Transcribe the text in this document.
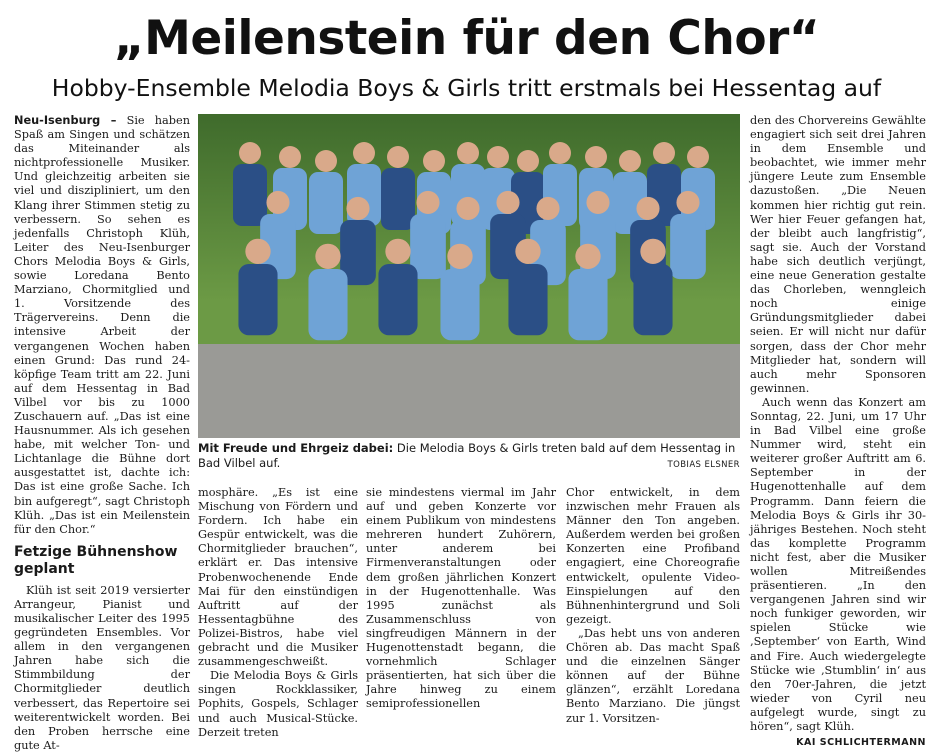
„Meilenstein für den Chor“
Hobby-Ensemble Melodia Boys & Girls tritt erstmals bei Hessentag auf

Neu-Isenburg – Sie haben Spaß am Singen und schätzen das Miteinander als nichtprofessionelle Musiker. Und gleichzeitig arbeiten sie viel und diszipliniert, um den Klang ihrer Stimmen stetig zu verbessern. So sehen es jedenfalls Christoph Klüh, Leiter des Neu-Isenburger Chors Melodia Boys & Girls, sowie Loredana Bento Marziano, Chormitglied und 1. Vorsitzende des Trägervereins. Denn die intensive Arbeit der vergangenen Wochen haben einen Grund: Das rund 24-köpfige Team tritt am 22. Juni auf dem Hessentag in Bad Vilbel vor bis zu 1000 Zuschauern auf. „Das ist eine Hausnummer. Als ich gesehen habe, mit welcher Ton- und Lichtanlage die Bühne dort ausgestattet ist, dachte ich: Das ist eine große Sache. Ich bin aufgeregt“, sagt Christoph Klüh. „Das ist ein Meilenstein für den Chor.“

Fetzige Bühnenshow geplant

Klüh ist seit 2019 versierter Arrangeur, Pianist und musikalischer Leiter des 1995 gegründeten Ensembles. Vor allem in den vergangenen Jahren habe sich die Stimmbildung der Chormitglieder deutlich verbessert, das Repertoire sei weiterentwickelt worden. Bei den Proben herrsche eine gute At-

Mit Freude und Ehrgeiz dabei: Die Melodia Boys & Girls treten bald auf dem Hessentag in Bad Vilbel auf.	TOBIAS ELSNER

mosphäre. „Es ist eine Mischung von Fördern und Fordern. Ich habe ein Gespür entwickelt, was die Chormitglieder brauchen“, erklärt er. Das intensive Probenwochenende Ende Mai für den einstündigen Auftritt auf der Hessentagbühne des Polizei-Bistros, habe viel gebracht und die Musiker zusammengeschweißt.

Die Melodia Boys & Girls singen Rockklassiker, Pophits, Gospels, Schlager und auch Musical-Stücke. Derzeit treten

sie mindestens viermal im Jahr auf und geben Konzerte vor einem Publikum von mindestens mehreren hundert Zuhörern, unter anderem bei Firmenveranstaltungen oder dem großen jährlichen Konzert in der Hugenottenhalle. Was 1995 zunächst als Zusammenschluss von singfreudigen Männern in der Hugenottenstadt begann, die vornehmlich Schlager präsentierten, hat sich über die Jahre hinweg zu einem semiprofessionellen

Chor entwickelt, in dem inzwischen mehr Frauen als Männer den Ton angeben. Außerdem werden bei großen Konzerten eine Profiband engagiert, eine Choreografie entwickelt, opulente Video-Einspielungen auf den Bühnenhintergrund und Soli gezeigt.

„Das hebt uns von anderen Chören ab. Das macht Spaß und die einzelnen Sänger können auf der Bühne glänzen“, erzählt Loredana Bento Marziano. Die jüngst zur 1. Vorsitzen-

den des Chorvereins Gewählte engagiert sich seit drei Jahren in dem Ensemble und beobachtet, wie immer mehr jüngere Leute zum Ensemble dazustoßen. „Die Neuen kommen hier richtig gut rein. Wer hier Feuer gefangen hat, der bleibt auch langfristig“, sagt sie. Auch der Vorstand habe sich deutlich verjüngt, eine neue Generation gestalte das Chorleben, wenngleich noch einige Gründungsmitglieder dabei seien. Er will nicht nur dafür sorgen, dass der Chor mehr Mitglieder hat, sondern will auch mehr Sponsoren gewinnen.

Auch wenn das Konzert am Sonntag, 22. Juni, um 17 Uhr in Bad Vilbel eine große Nummer wird, steht ein weiterer großer Auftritt am 6. September in der Hugenottenhalle auf dem Programm. Dann feiern die Melodia Boys & Girls ihr 30-jähriges Bestehen. Noch steht das komplette Programm nicht fest, aber die Musiker wollen Mitreißendes präsentieren. „In den vergangenen Jahren sind wir noch funkiger geworden, wir spielen Stücke wie ‚September‘ von Earth, Wind and Fire. Auch wiedergelegte Stücke wie ‚Stumblin‘ in‘ aus den 70er-Jahren, die jetzt wieder von Cyril neu aufgelegt wurde, singt zu hören“, sagt Klüh.

KAI SCHLICHTERMANN
